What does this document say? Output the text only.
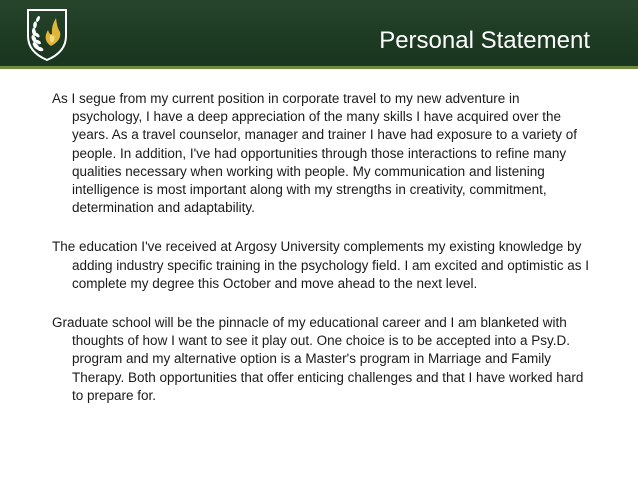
Personal Statement

As I segue from my current position in corporate travel to my new adventure in psychology, I have a deep appreciation of the many skills I have acquired over the years. As a travel counselor, manager and trainer I have had exposure to a variety of people. In addition, I've had opportunities through those interactions to refine many qualities necessary when working with people. My communication and listening intelligence is most important along with my strengths in creativity, commitment, determination and adaptability.

The education I've received at Argosy University complements my existing knowledge by adding industry specific training in the psychology field. I am excited and optimistic as I complete my degree this October and move ahead to the next level.

Graduate school will be the pinnacle of my educational career and I am blanketed with thoughts of how I want to see it play out. One choice is to be accepted into a Psy.D. program and my alternative option is a Master's program in Marriage and Family Therapy. Both opportunities that offer enticing challenges and that I have worked hard to prepare for.
